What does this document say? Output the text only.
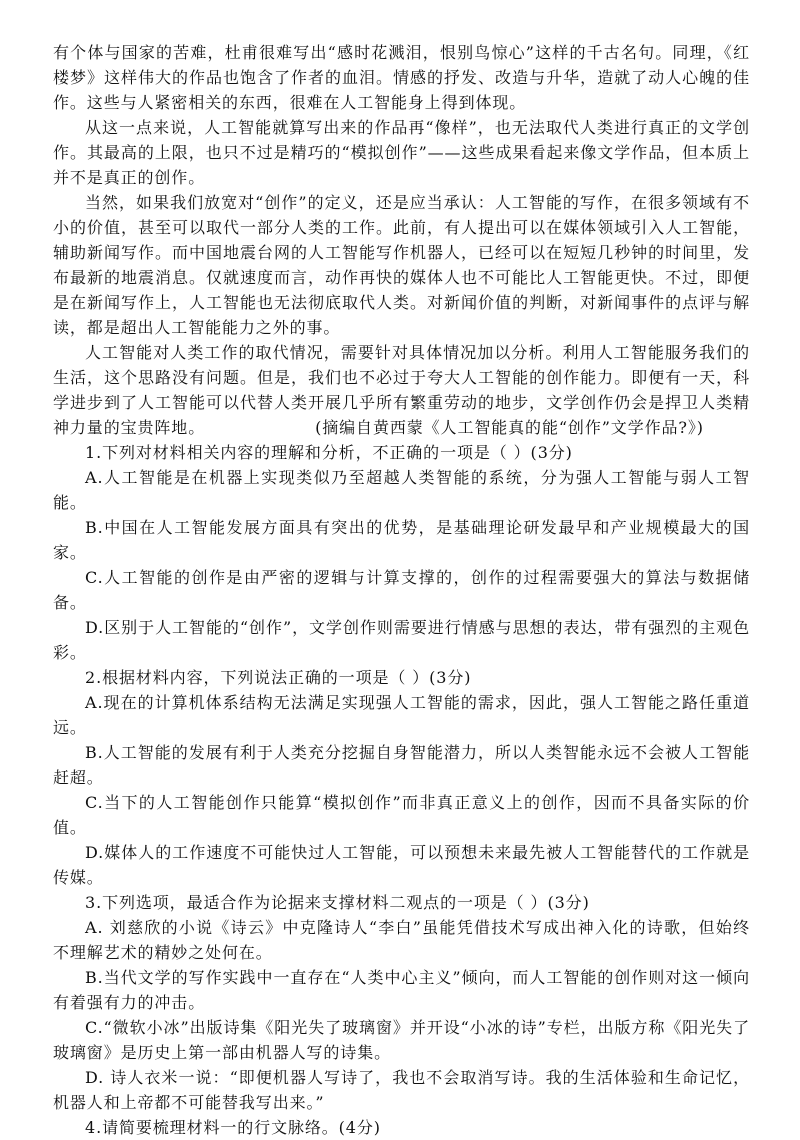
有个体与国家的苦难，杜甫很难写出“感时花溅泪，恨别鸟惊心”这样的千古名句。同理，《红楼梦》这样伟大的作品也饱含了作者的血泪。情感的抒发、改造与升华，造就了动人心魄的佳作。这些与人紧密相关的东西，很难在人工智能身上得到体现。

从这一点来说，人工智能就算写出来的作品再“像样”，也无法取代人类进行真正的文学创作。其最高的上限，也只不过是精巧的“模拟创作”——这些成果看起来像文学作品，但本质上并不是真正的创作。

当然，如果我们放宽对“创作”的定义，还是应当承认：人工智能的写作，在很多领域有不小的价值，甚至可以取代一部分人类的工作。此前，有人提出可以在媒体领域引入人工智能，辅助新闻写作。而中国地震台网的人工智能写作机器人，已经可以在短短几秒钟的时间里，发布最新的地震消息。仅就速度而言，动作再快的媒体人也不可能比人工智能更快。不过，即便是在新闻写作上，人工智能也无法彻底取代人类。对新闻价值的判断，对新闻事件的点评与解读，都是超出人工智能能力之外的事。

人工智能对人类工作的取代情况，需要针对具体情况加以分析。利用人工智能服务我们的生活，这个思路没有问题。但是，我们也不必过于夸大人工智能的创作能力。即便有一天，科学进步到了人工智能可以代替人类开展几乎所有繁重劳动的地步，文学创作仍会是捍卫人类精神力量的宝贵阵地。	(摘编自黄西蒙《人工智能真的能“创作”文学作品?》)

1.下列对材料相关内容的理解和分析，不正确的一项是（ ）(3分)

A.人工智能是在机器上实现类似乃至超越人类智能的系统，分为强人工智能与弱人工智能。

B.中国在人工智能发展方面具有突出的优势，是基础理论研发最早和产业规模最大的国家。

C.人工智能的创作是由严密的逻辑与计算支撑的，创作的过程需要强大的算法与数据储备。

D.区别于人工智能的“创作”，文学创作则需要进行情感与思想的表达，带有强烈的主观色彩。

2.根据材料内容，下列说法正确的一项是（ ）(3分)

A.现在的计算机体系结构无法满足实现强人工智能的需求，因此，强人工智能之路任重道远。

B.人工智能的发展有利于人类充分挖掘自身智能潜力，所以人类智能永远不会被人工智能赶超。

C.当下的人工智能创作只能算“模拟创作”而非真正意义上的创作，因而不具备实际的价值。

D.媒体人的工作速度不可能快过人工智能，可以预想未来最先被人工智能替代的工作就是传媒。

3.下列选项，最适合作为论据来支撑材料二观点的一项是（ ）(3分)

A. 刘慈欣的小说《诗云》中克隆诗人“李白”虽能凭借技术写成出神入化的诗歌，但始终不理解艺术的精妙之处何在。

B.当代文学的写作实践中一直存在“人类中心主义”倾向，而人工智能的创作则对这一倾向有着强有力的冲击。

C.“微软小冰”出版诗集《阳光失了玻璃窗》并开设“小冰的诗”专栏，出版方称《阳光失了玻璃窗》是历史上第一部由机器人写的诗集。

D. 诗人衣米一说：“即便机器人写诗了，我也不会取消写诗。我的生活体验和生命记忆，机器人和上帝都不可能替我写出来。”

4.请简要梳理材料一的行文脉络。(4分)
